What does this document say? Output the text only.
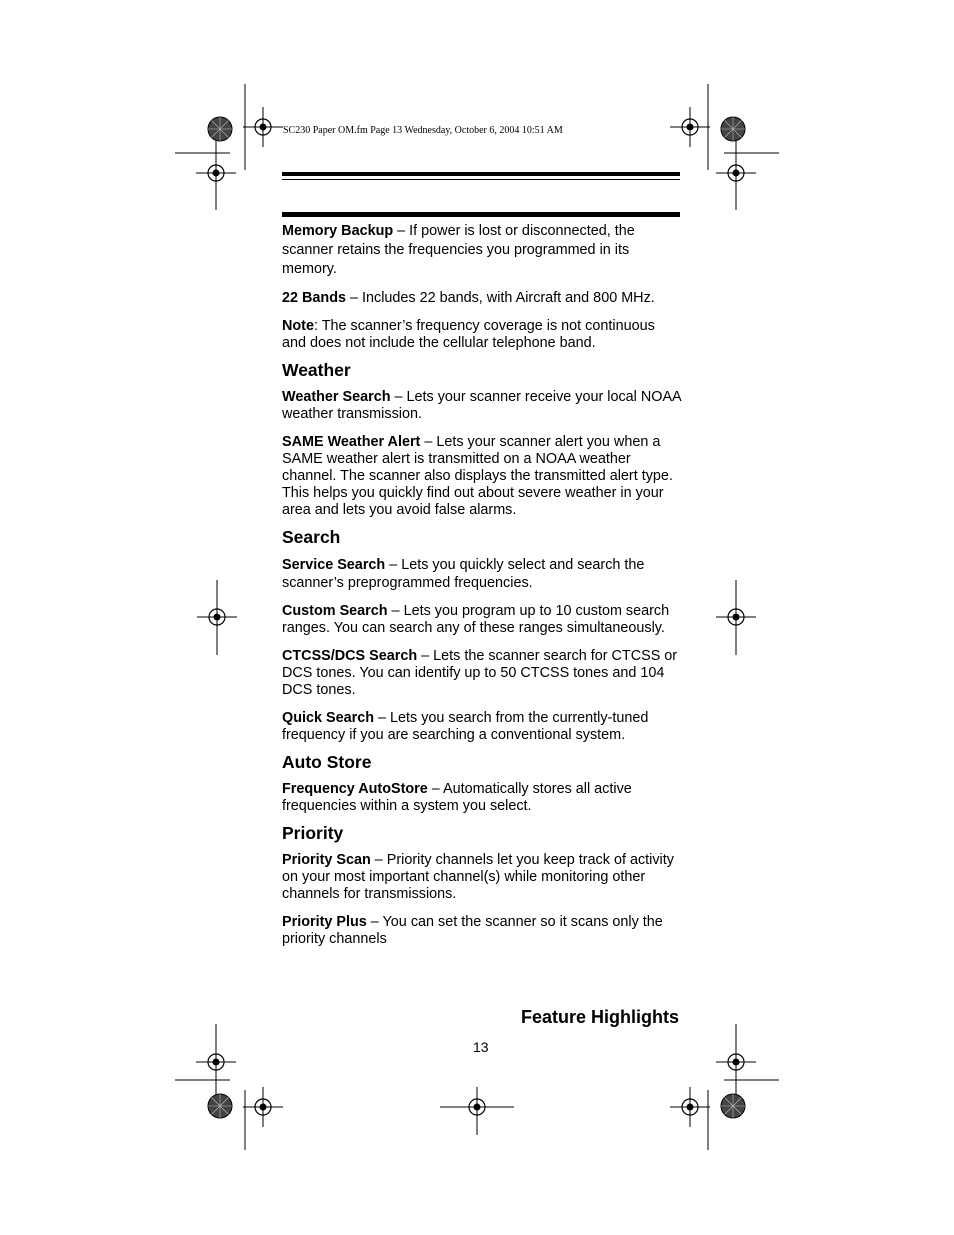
SC230 Paper OM.fm Page 13 Wednesday, October 6, 2004 10:51 AM

Memory Backup – If power is lost or disconnected, the scanner retains the frequencies you programmed in its memory.

22 Bands – Includes 22 bands, with Aircraft and 800 MHz.

Note: The scanner’s frequency coverage is not continuous and does not include the cellular telephone band.

Weather

Weather Search – Lets your scanner receive your local NOAA weather transmission.

SAME Weather Alert – Lets your scanner alert you when a SAME weather alert is transmitted on a NOAA weather channel. The scanner also displays the transmitted alert type. This helps you quickly find out about severe weather in your area and lets you avoid false alarms.

Search

Service Search – Lets you quickly select and search the scanner’s preprogrammed frequencies.

Custom Search – Lets you program up to 10 custom search ranges. You can search any of these ranges simultaneously.

CTCSS/DCS Search – Lets the scanner search for CTCSS or DCS tones. You can identify up to 50 CTCSS tones and 104 DCS tones.

Quick Search – Lets you search from the currently-tuned frequency if you are searching a conventional system.

Auto Store

Frequency AutoStore – Automatically stores all active frequencies within a system you select.

Priority

Priority Scan – Priority channels let you keep track of activity on your most important channel(s) while monitoring other channels for transmissions.

Priority Plus – You can set the scanner so it scans only the priority channels

Feature Highlights
13
